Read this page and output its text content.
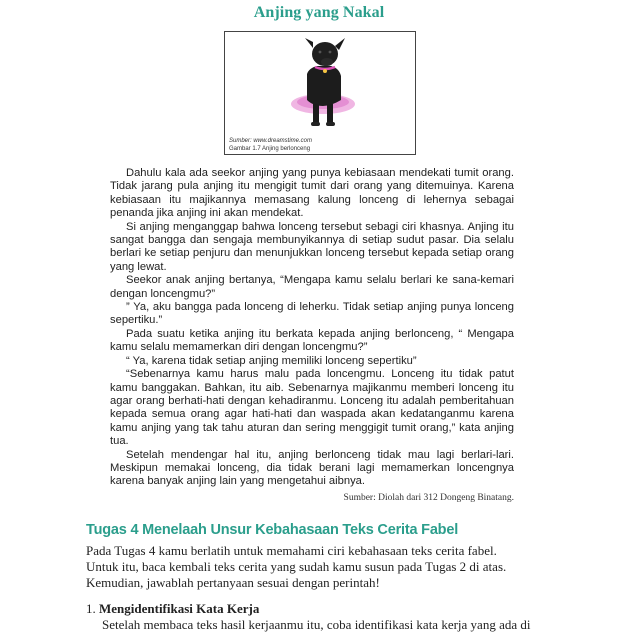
Anjing yang Nakal
Sumber: www.dreamstime.com
Gambar 1.7 Anjing berlonceng

Dahulu kala ada seekor anjing yang punya kebiasaan mendekati tumit orang. Tidak jarang pula anjing itu mengigit tumit dari orang yang ditemuinya. Karena kebiasaan itu majikannya memasang kalung lonceng di lehernya sebagai penanda jika anjing ini akan mendekat.

Si anjing menganggap bahwa lonceng tersebut sebagi ciri khasnya. Anjing itu sangat bangga dan sengaja membunyikannya di setiap sudut pasar. Dia selalu berlari ke setiap penjuru dan menunjukkan lonceng tersebut kepada setiap orang yang lewat.

Seekor anak anjing bertanya, “Mengapa kamu selalu berlari ke sana-kemari dengan loncengmu?”

” Ya, aku bangga pada lonceng di leherku. Tidak setiap anjing punya lonceng sepertiku.”

Pada suatu ketika anjing itu berkata kepada anjing berlonceng, “ Mengapa kamu selalu memamerkan diri dengan loncengmu?”

“ Ya, karena tidak setiap anjing memiliki lonceng sepertiku”

“Sebenarnya kamu harus malu pada loncengmu. Lonceng itu tidak patut kamu banggakan. Bahkan, itu aib. Sebenarnya majikanmu memberi lonceng itu agar orang berhati-hati dengan kehadiranmu. Lonceng itu adalah pemberitahuan kepada semua orang agar hati-hati dan waspada akan kedatanganmu karena kamu anjing yang tak tahu aturan dan sering menggigit tumit orang,” kata anjing tua.

Setelah mendengar hal itu, anjing berlonceng tidak mau lagi berlari-lari. Meskipun memakai lonceng, dia tidak berani lagi memamerkan loncengnya karena banyak anjing lain yang mengetahui aibnya.

Sumber: Diolah dari 312 Dongeng Binatang.

Tugas 4 Menelaah Unsur Kebahasaan Teks Cerita Fabel

Pada Tugas 4 kamu berlatih untuk memahami ciri kebahasaan teks cerita fabel.

Untuk itu, baca kembali teks cerita yang sudah kamu susun pada Tugas 2 di atas.

Kemudian, jawablah pertanyaan sesuai dengan perintah!

1. Mengidentifikasi Kata Kerja
Setelah membaca teks hasil kerjaanmu itu, coba identifikasi kata kerja yang ada di
